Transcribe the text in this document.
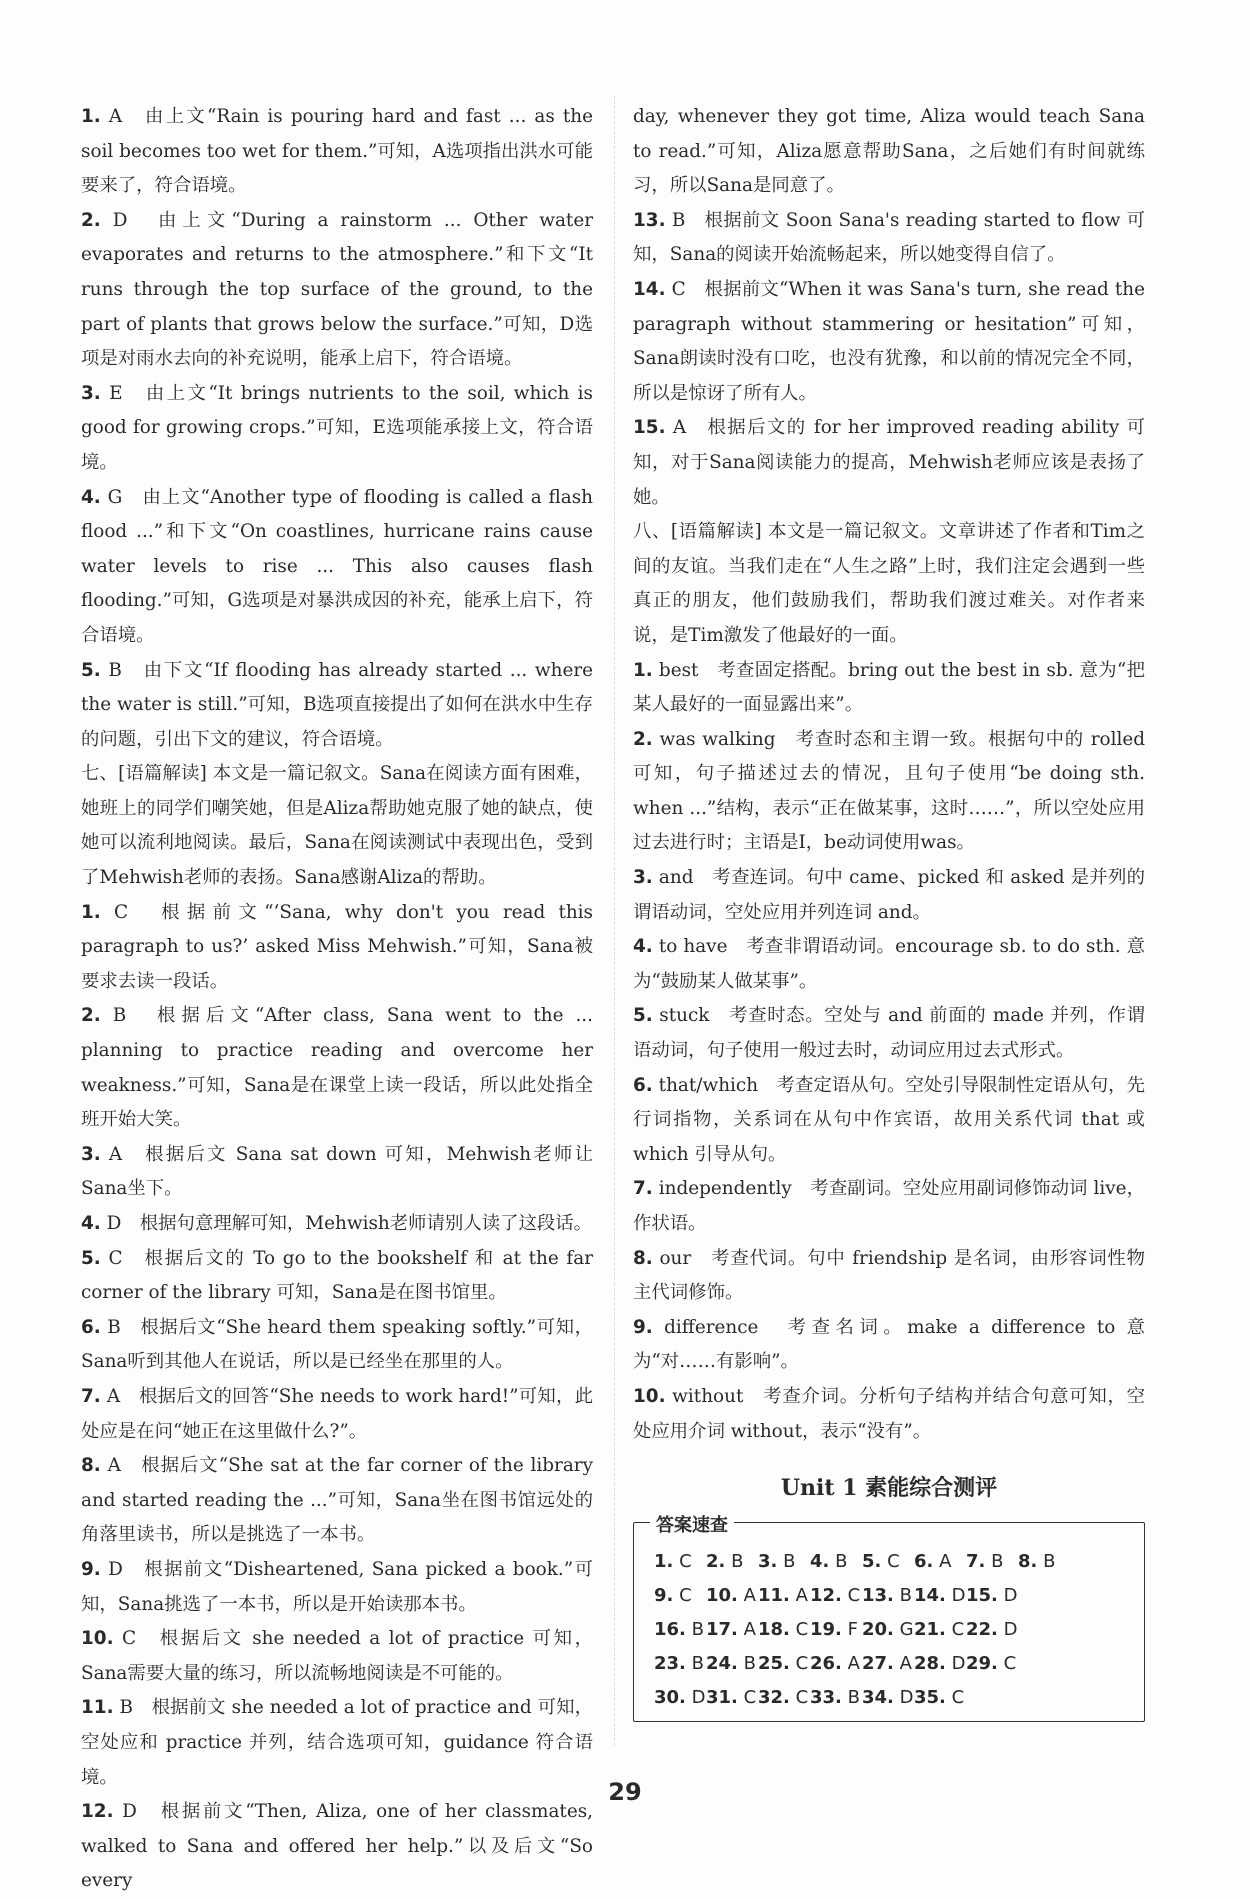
1. A　由上文“Rain is pouring hard and fast ... as the soil becomes too wet for them.”可知，A选项指出洪水可能要来了，符合语境。

2. D　由上文“During a rainstorm ... Other water evaporates and returns to the atmosphere.”和下文“It runs through the top surface of the ground, to the part of plants that grows below the surface.”可知，D选项是对雨水去向的补充说明，能承上启下，符合语境。

3. E　由上文“It brings nutrients to the soil, which is good for growing crops.”可知，E选项能承接上文，符合语境。

4. G　由上文“Another type of flooding is called a flash flood ...”和下文“On coastlines, hurricane rains cause water levels to rise ... This also causes flash flooding.”可知，G选项是对暴洪成因的补充，能承上启下，符合语境。

5. B　由下文“If flooding has already started ... where the water is still.”可知，B选项直接提出了如何在洪水中生存的问题，引出下文的建议，符合语境。

七、[语篇解读] 本文是一篇记叙文。Sana在阅读方面有困难，她班上的同学们嘲笑她，但是Aliza帮助她克服了她的缺点，使她可以流利地阅读。最后，Sana在阅读测试中表现出色，受到了Mehwish老师的表扬。Sana感谢Aliza的帮助。

1. C　根据前文“‘Sana, why don't you read this paragraph to us?’ asked Miss Mehwish.”可知，Sana被要求去读一段话。

2. B　根据后文“After class, Sana went to the ... planning to practice reading and overcome her weakness.”可知，Sana是在课堂上读一段话，所以此处指全班开始大笑。

3. A　根据后文 Sana sat down 可知，Mehwish老师让Sana坐下。

4. D　根据句意理解可知，Mehwish老师请别人读了这段话。

5. C　根据后文的 To go to the bookshelf 和 at the far corner of the library 可知，Sana是在图书馆里。

6. B　根据后文“She heard them speaking softly.”可知，Sana听到其他人在说话，所以是已经坐在那里的人。

7. A　根据后文的回答“She needs to work hard!”可知，此处应是在问“她正在这里做什么?”。

8. A　根据后文“She sat at the far corner of the library and started reading the ...”可知，Sana坐在图书馆远处的角落里读书，所以是挑选了一本书。

9. D　根据前文“Disheartened, Sana picked a book.”可知，Sana挑选了一本书，所以是开始读那本书。

10. C　根据后文 she needed a lot of practice 可知，Sana需要大量的练习，所以流畅地阅读是不可能的。

11. B　根据前文 she needed a lot of practice and 可知，空处应和 practice 并列，结合选项可知，guidance 符合语境。

12. D　根据前文“Then, Aliza, one of her classmates, walked to Sana and offered her help.”以及后文“So every

day, whenever they got time, Aliza would teach Sana to read.”可知，Aliza愿意帮助Sana，之后她们有时间就练习，所以Sana是同意了。

13. B　根据前文 Soon Sana's reading started to flow 可知，Sana的阅读开始流畅起来，所以她变得自信了。

14. C　根据前文“When it was Sana's turn, she read the paragraph without stammering or hesitation”可知，Sana朗读时没有口吃，也没有犹豫，和以前的情况完全不同，所以是惊讶了所有人。

15. A　根据后文的 for her improved reading ability 可知，对于Sana阅读能力的提高，Mehwish老师应该是表扬了她。

八、[语篇解读] 本文是一篇记叙文。文章讲述了作者和Tim之间的友谊。当我们走在“人生之路”上时，我们注定会遇到一些真正的朋友，他们鼓励我们，帮助我们渡过难关。对作者来说，是Tim激发了他最好的一面。

1. best　考查固定搭配。bring out the best in sb. 意为“把某人最好的一面显露出来”。

2. was walking　考查时态和主谓一致。根据句中的 rolled 可知，句子描述过去的情况，且句子使用“be doing sth. when ...”结构，表示“正在做某事，这时……”，所以空处应用过去进行时；主语是I，be动词使用was。

3. and　考查连词。句中 came、picked 和 asked 是并列的谓语动词，空处应用并列连词 and。

4. to have　考查非谓语动词。encourage sb. to do sth. 意为“鼓励某人做某事”。

5. stuck　考查时态。空处与 and 前面的 made 并列，作谓语动词，句子使用一般过去时，动词应用过去式形式。

6. that/which　考查定语从句。空处引导限制性定语从句，先行词指物，关系词在从句中作宾语，故用关系代词 that 或 which 引导从句。

7. independently　考查副词。空处应用副词修饰动词 live，作状语。

8. our　考查代词。句中 friendship 是名词，由形容词性物主代词修饰。

9. difference　考查名词。make a difference to 意为“对……有影响”。

10. without　考查介词。分析句子结构并结合句意可知，空处应用介词 without，表示“没有”。

Unit 1 素能综合测评
答案速查
1. C 2. B 3. B 4. B 5. C 6. A 7. B 8. B
9. C 10. A 11. A 12. C 13. B 14. D 15. D
16. B 17. A 18. C 19. F 20. G 21. C 22. D
23. B 24. B 25. C 26. A 27. A 28. D 29. C
30. D 31. C 32. C 33. B 34. D 35. C
29
